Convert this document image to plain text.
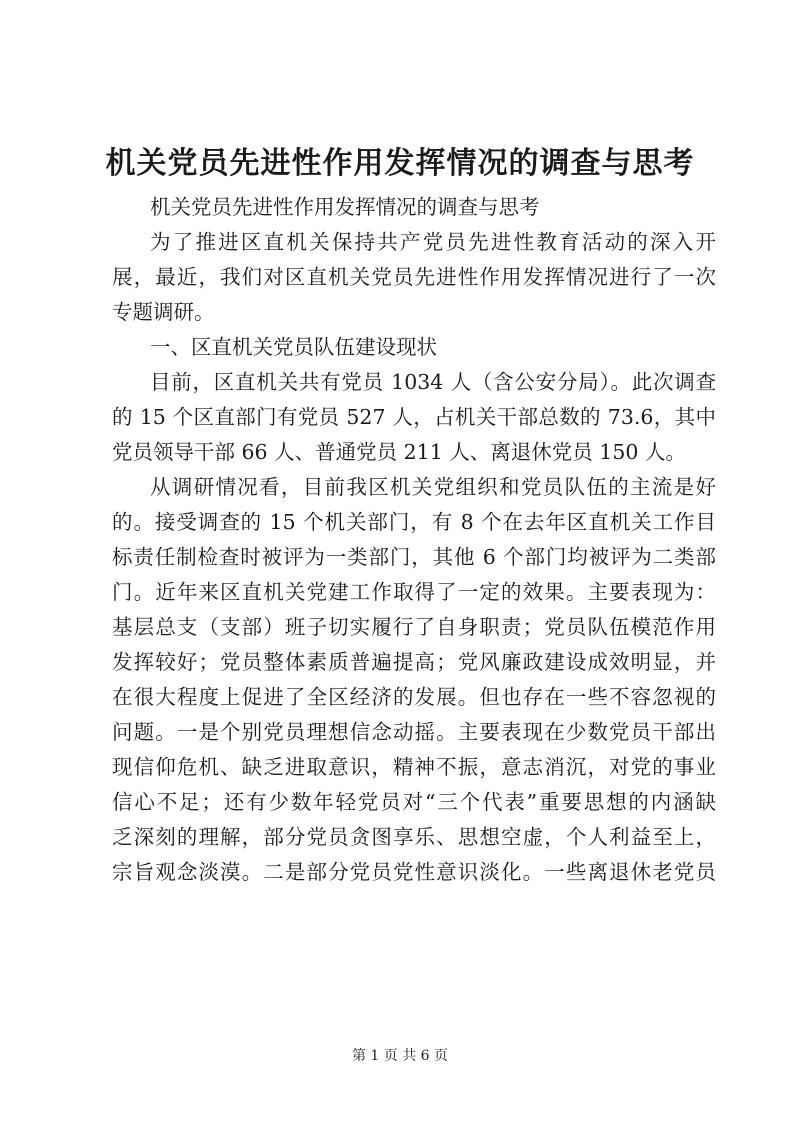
机关党员先进性作用发挥情况的调查与思考
机关党员先进性作用发挥情况的调查与思考
为了推进区直机关保持共产党员先进性教育活动的深入开
展，最近，我们对区直机关党员先进性作用发挥情况进行了一次
专题调研。
一、区直机关党员队伍建设现状
目前，区直机关共有党员 1034 人（含公安分局）。此次调查
的 15 个区直部门有党员 527 人，占机关干部总数的 73.6，其中
党员领导干部 66 人、普通党员 211 人、离退休党员 150 人。
从调研情况看，目前我区机关党组织和党员队伍的主流是好
的。接受调查的 15 个机关部门，有 8 个在去年区直机关工作目
标责任制检查时被评为一类部门，其他 6 个部门均被评为二类部
门。近年来区直机关党建工作取得了一定的效果。主要表现为：
基层总支（支部）班子切实履行了自身职责；党员队伍模范作用
发挥较好；党员整体素质普遍提高；党风廉政建设成效明显，并
在很大程度上促进了全区经济的发展。但也存在一些不容忽视的
问题。一是个别党员理想信念动摇。主要表现在少数党员干部出
现信仰危机、缺乏进取意识，精神不振，意志消沉，对党的事业
信心不足；还有少数年轻党员对“三个代表”重要思想的内涵缺
乏深刻的理解，部分党员贪图享乐、思想空虚，个人利益至上，
宗旨观念淡漠。二是部分党员党性意识淡化。一些离退休老党员
第 1 页 共 6 页
